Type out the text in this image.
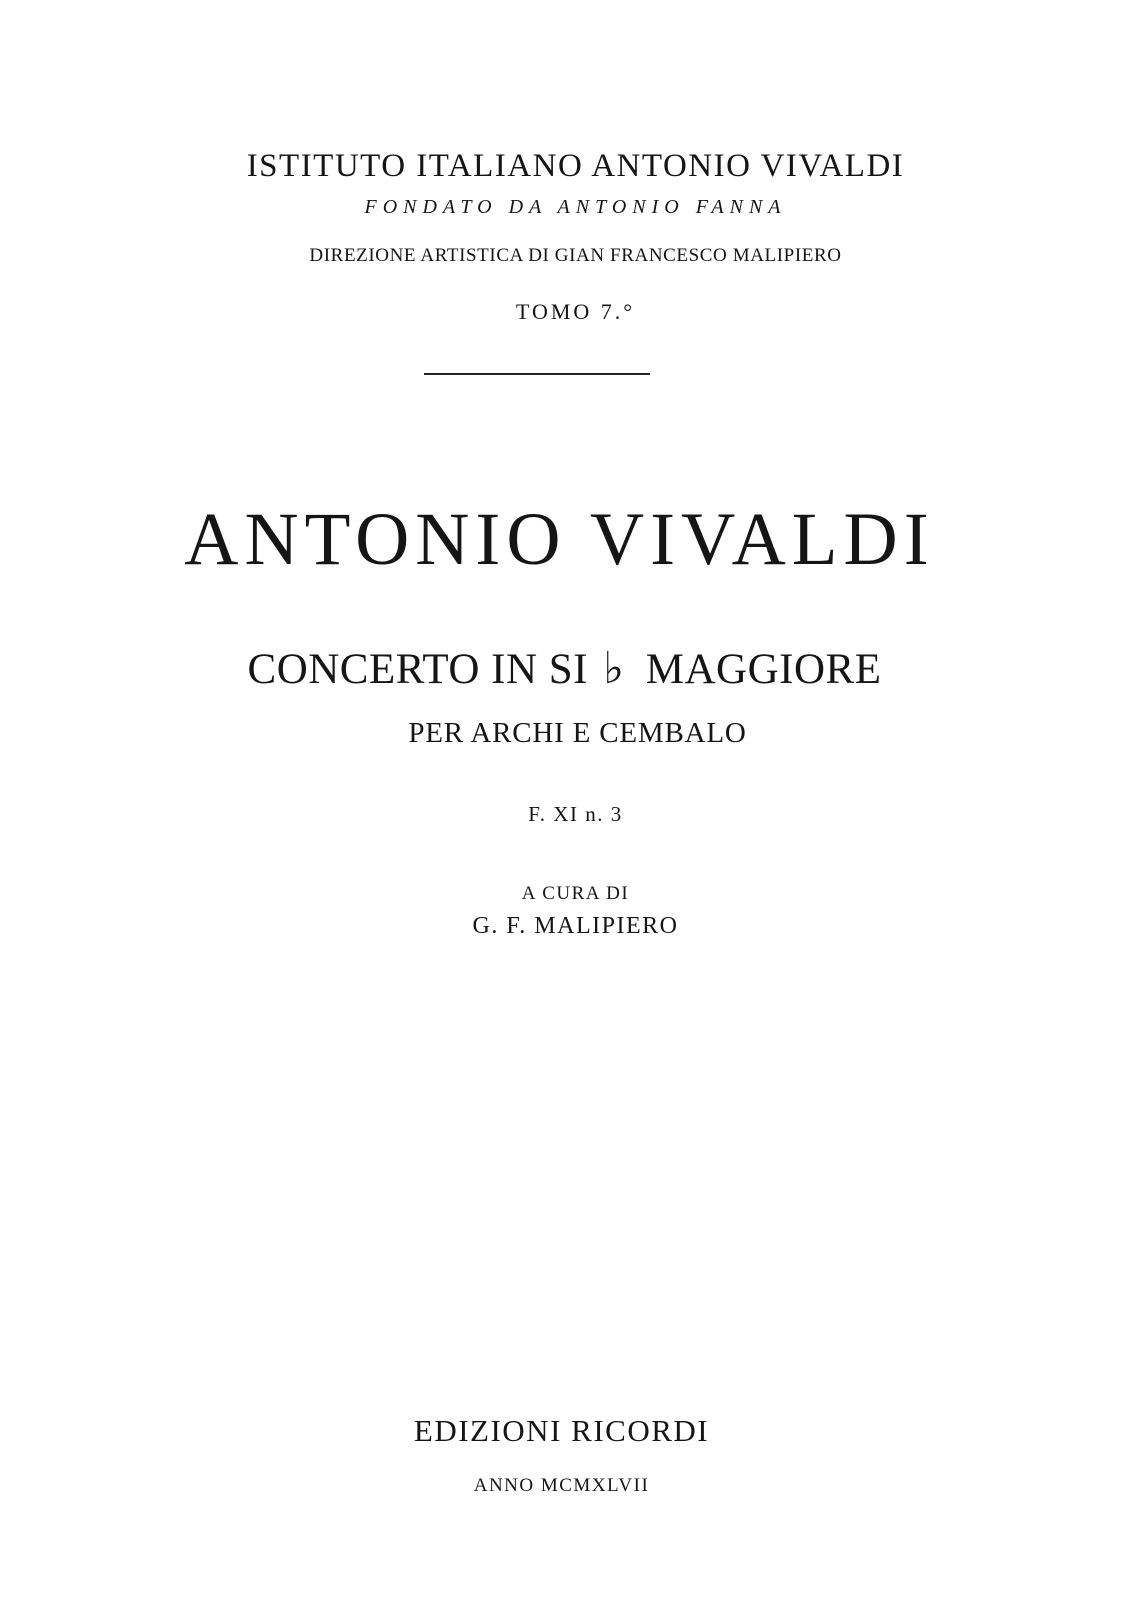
ISTITUTO ITALIANO ANTONIO VIVALDI
FONDATO DA ANTONIO FANNA
DIREZIONE ARTISTICA DI GIAN FRANCESCO MALIPIERO
TOMO 7.°
ANTONIO VIVALDI
CONCERTO IN SI ♭ MAGGIORE
PER ARCHI E CEMBALO
F. XI n. 3
A CURA DI
G. F. MALIPIERO
EDIZIONI RICORDI
ANNO MCMXLVII
